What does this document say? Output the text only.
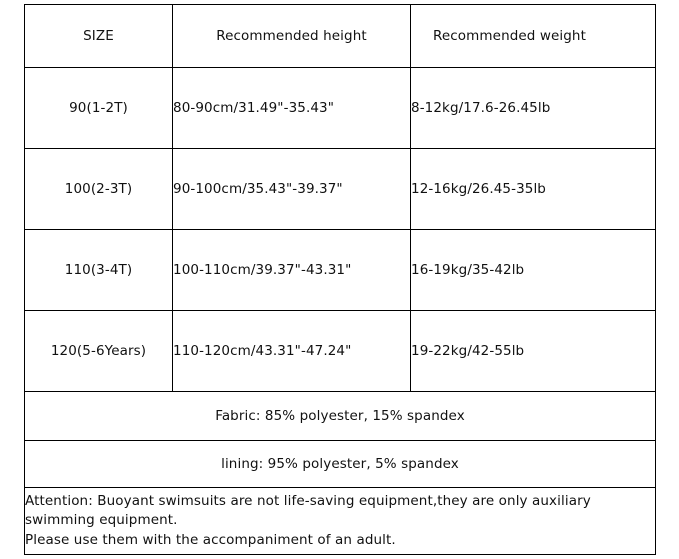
SIZE	Recommended height	Recommended weight
90(1-2T)	80-90cm/31.49"-35.43"	8-12kg/17.6-26.45lb
100(2-3T)	90-100cm/35.43"-39.37"	12-16kg/26.45-35lb
110(3-4T)	100-110cm/39.37"-43.31"	16-19kg/35-42lb
120(5-6Years)	110-120cm/43.31"-47.24"	19-22kg/42-55lb
Fabric: 85% polyester, 15% spandex		
lining: 95% polyester, 5% spandex		

Attention: Buoyant swimsuits are not life-saving equipment,they are only auxiliary
swimming equipment.
Please use them with the accompaniment of an adult.		
